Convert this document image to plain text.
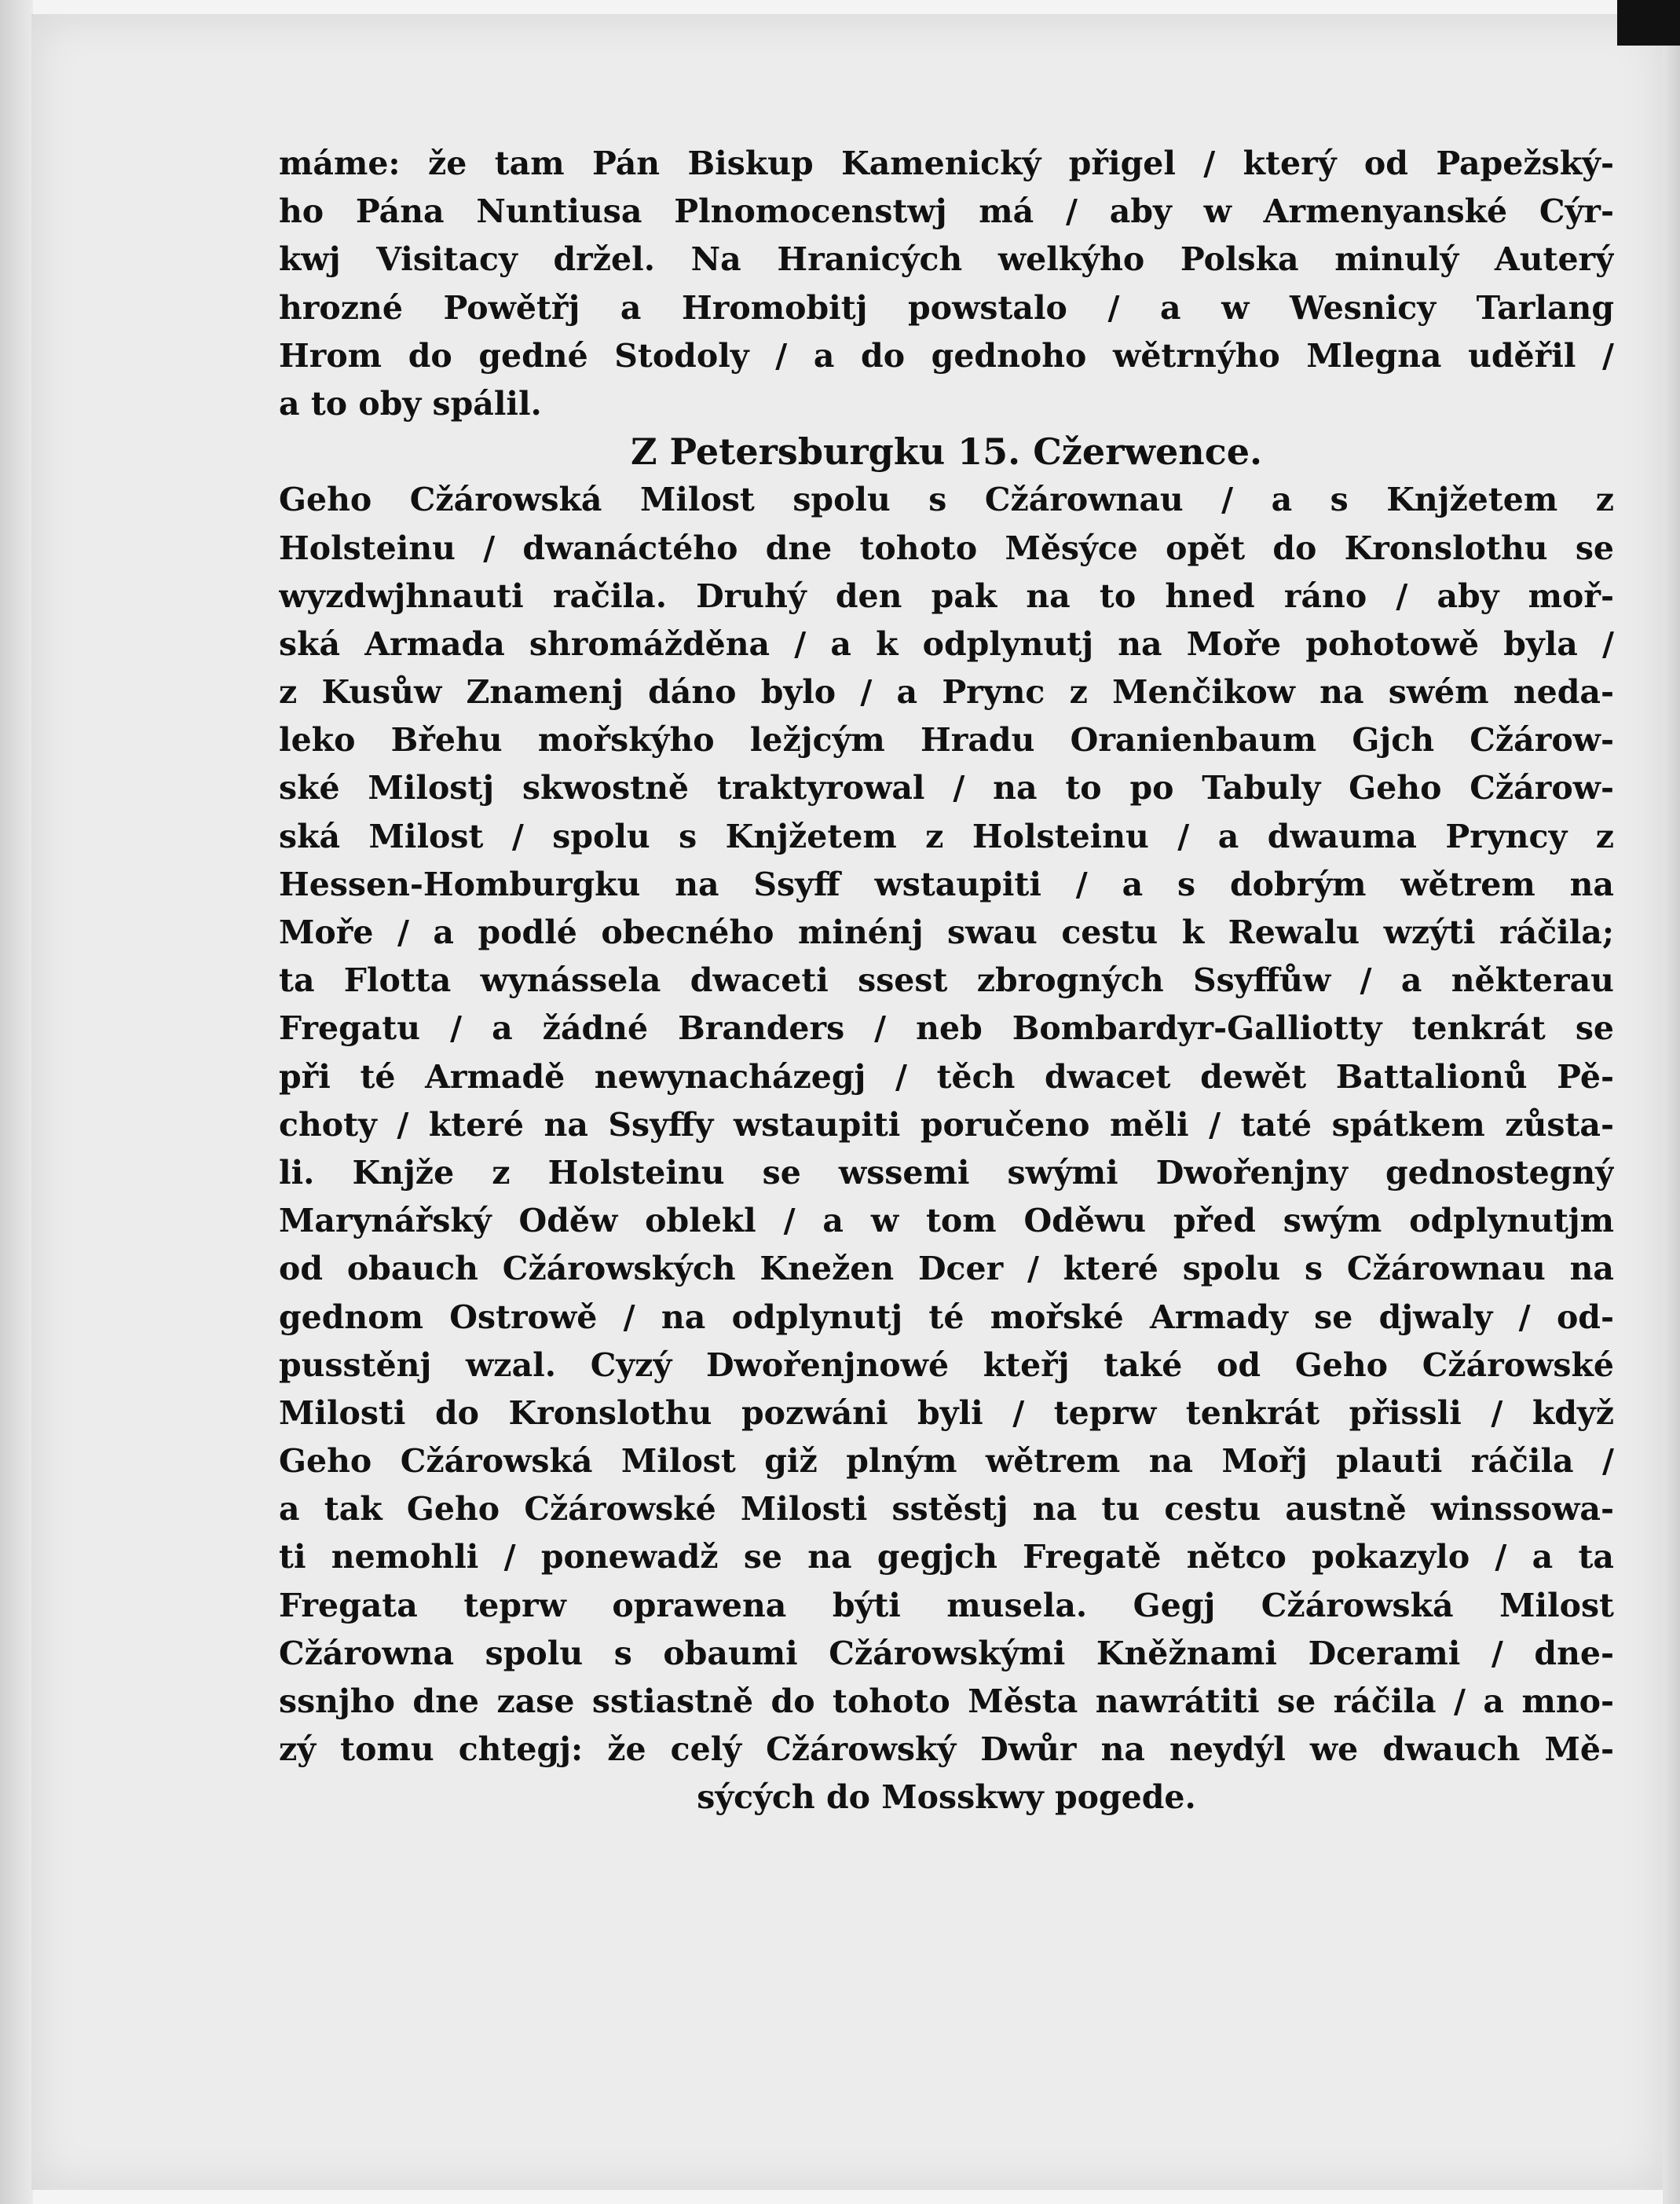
máme: že tam Pán Biskup Kamenický přigel / který od Papežský-
ho Pána Nuntiusa Plnomocenstwj má / aby w Armenyanské Cýr-
kwj Visitacy držel. Na Hranicých welkýho Polska minulý Auterý
hrozné Powětřj a Hromobitj powstalo / a w Wesnicy Tarlang
Hrom do gedné Stodoly / a do gednoho wětrnýho Mlegna uděřil /
a to oby spálil.
Z Petersburgku 15. Cžerwence.
Geho Cžárowská Milost spolu s Cžárownau / a s Knjžetem z
Holsteinu / dwanáctého dne tohoto Měsýce opět do Kronslothu se
wyzdwjhnauti račila. Druhý den pak na to hned ráno / aby moř-
ská Armada shromážděna / a k odplynutj na Moře pohotowě byla /
z Kusůw Znamenj dáno bylo / a Prync z Menčikow na swém neda-
leko Břehu mořskýho ležjcým Hradu Oranienbaum Gjch Cžárow-
ské Milostj skwostně traktyrowal / na to po Tabuly Geho Cžárow-
ská Milost / spolu s Knjžetem z Holsteinu / a dwauma Pryncy z
Hessen-Homburgku na Ssyff wstaupiti / a s dobrým wětrem na
Moře / a podlé obecného minénj swau cestu k Rewalu wzýti ráčila;
ta Flotta wynássela dwaceti ssest zbrogných Ssyffůw / a některau
Fregatu / a žádné Branders / neb Bombardyr-Galliotty tenkrát se
při té Armadě newynacházegj / těch dwacet dewět Battalionů Pě-
choty / které na Ssyffy wstaupiti poručeno měli / taté spátkem zůsta-
li. Knjže z Holsteinu se wssemi swými Dwořenjny gednostegný
Marynářský Oděw oblekl / a w tom Oděwu před swým odplynutjm
od obauch Cžárowských Knežen Dcer / které spolu s Cžárownau na
gednom Ostrowě / na odplynutj té mořské Armady se djwaly / od-
pusstěnj wzal. Cyzý Dwořenjnowé kteřj také od Geho Cžárowské
Milosti do Kronslothu pozwáni byli / teprw tenkrát přissli / když
Geho Cžárowská Milost giž plným wětrem na Mořj plauti ráčila /
a tak Geho Cžárowské Milosti sstěstj na tu cestu austně winssowa-
ti nemohli / ponewadž se na gegjch Fregatě nětco pokazylo / a ta
Fregata teprw oprawena býti musela. Gegj Cžárowská Milost
Cžárowna spolu s obaumi Cžárowskými Kněžnami Dcerami / dne-
ssnjho dne zase sstiastně do tohoto Města nawrátiti se ráčila / a mno-
zý tomu chtegj: že celý Cžárowský Dwůr na neydýl we dwauch Mě-
sýcých do Mosskwy pogede.
